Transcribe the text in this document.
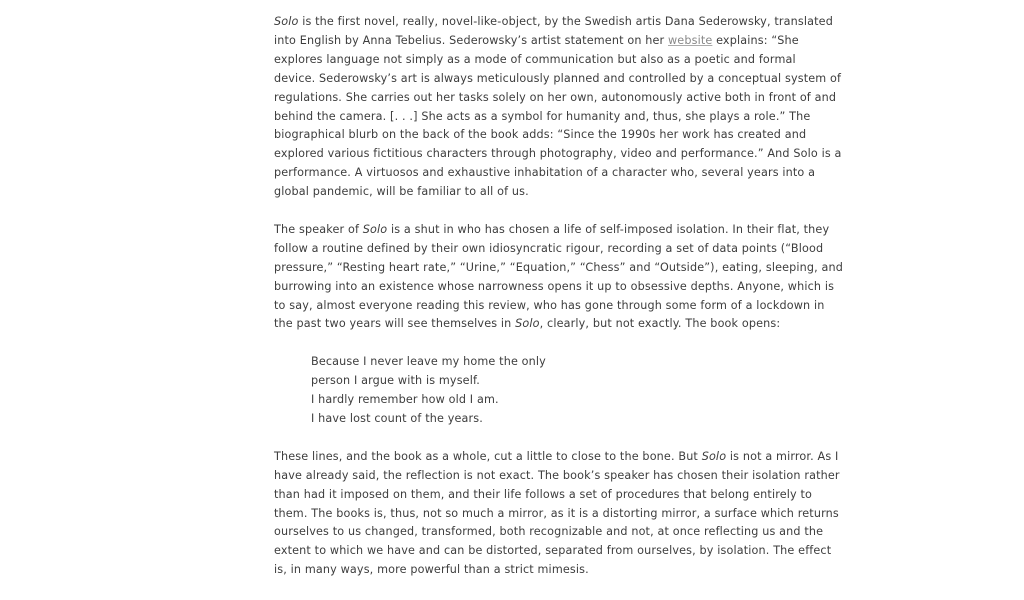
Solo is the first novel, really, novel-like-object, by the Swedish artis Dana Sederowsky, translated
into English by Anna Tebelius. Sederowsky’s artist statement on her website explains: “She
explores language not simply as a mode of communication but also as a poetic and formal
device. Sederowsky’s art is always meticulously planned and controlled by a conceptual system of
regulations. She carries out her tasks solely on her own, autonomously active both in front of and
behind the camera. [. . .] She acts as a symbol for humanity and, thus, she plays a role.” The
biographical blurb on the back of the book adds: “Since the 1990s her work has created and
explored various fictitious characters through photography, video and performance.” And Solo is a
performance. A virtuosos and exhaustive inhabitation of a character who, several years into a
global pandemic, will be familiar to all of us.

The speaker of Solo is a shut in who has chosen a life of self-imposed isolation. In their flat, they
follow a routine defined by their own idiosyncratic rigour, recording a set of data points (“Blood
pressure,” “Resting heart rate,” “Urine,” “Equation,” “Chess” and “Outside”), eating, sleeping, and
burrowing into an existence whose narrowness opens it up to obsessive depths. Anyone, which is
to say, almost everyone reading this review, who has gone through some form of a lockdown in
the past two years will see themselves in Solo, clearly, but not exactly. The book opens:

Because I never leave my home the only
person I argue with is myself.
I hardly remember how old I am.
I have lost count of the years.

These lines, and the book as a whole, cut a little to close to the bone. But Solo is not a mirror. As I
have already said, the reflection is not exact. The book’s speaker has chosen their isolation rather
than had it imposed on them, and their life follows a set of procedures that belong entirely to
them. The books is, thus, not so much a mirror, as it is a distorting mirror, a surface which returns
ourselves to us changed, transformed, both recognizable and not, at once reflecting us and the
extent to which we have and can be distorted, separated from ourselves, by isolation. The effect
is, in many ways, more powerful than a strict mimesis.
